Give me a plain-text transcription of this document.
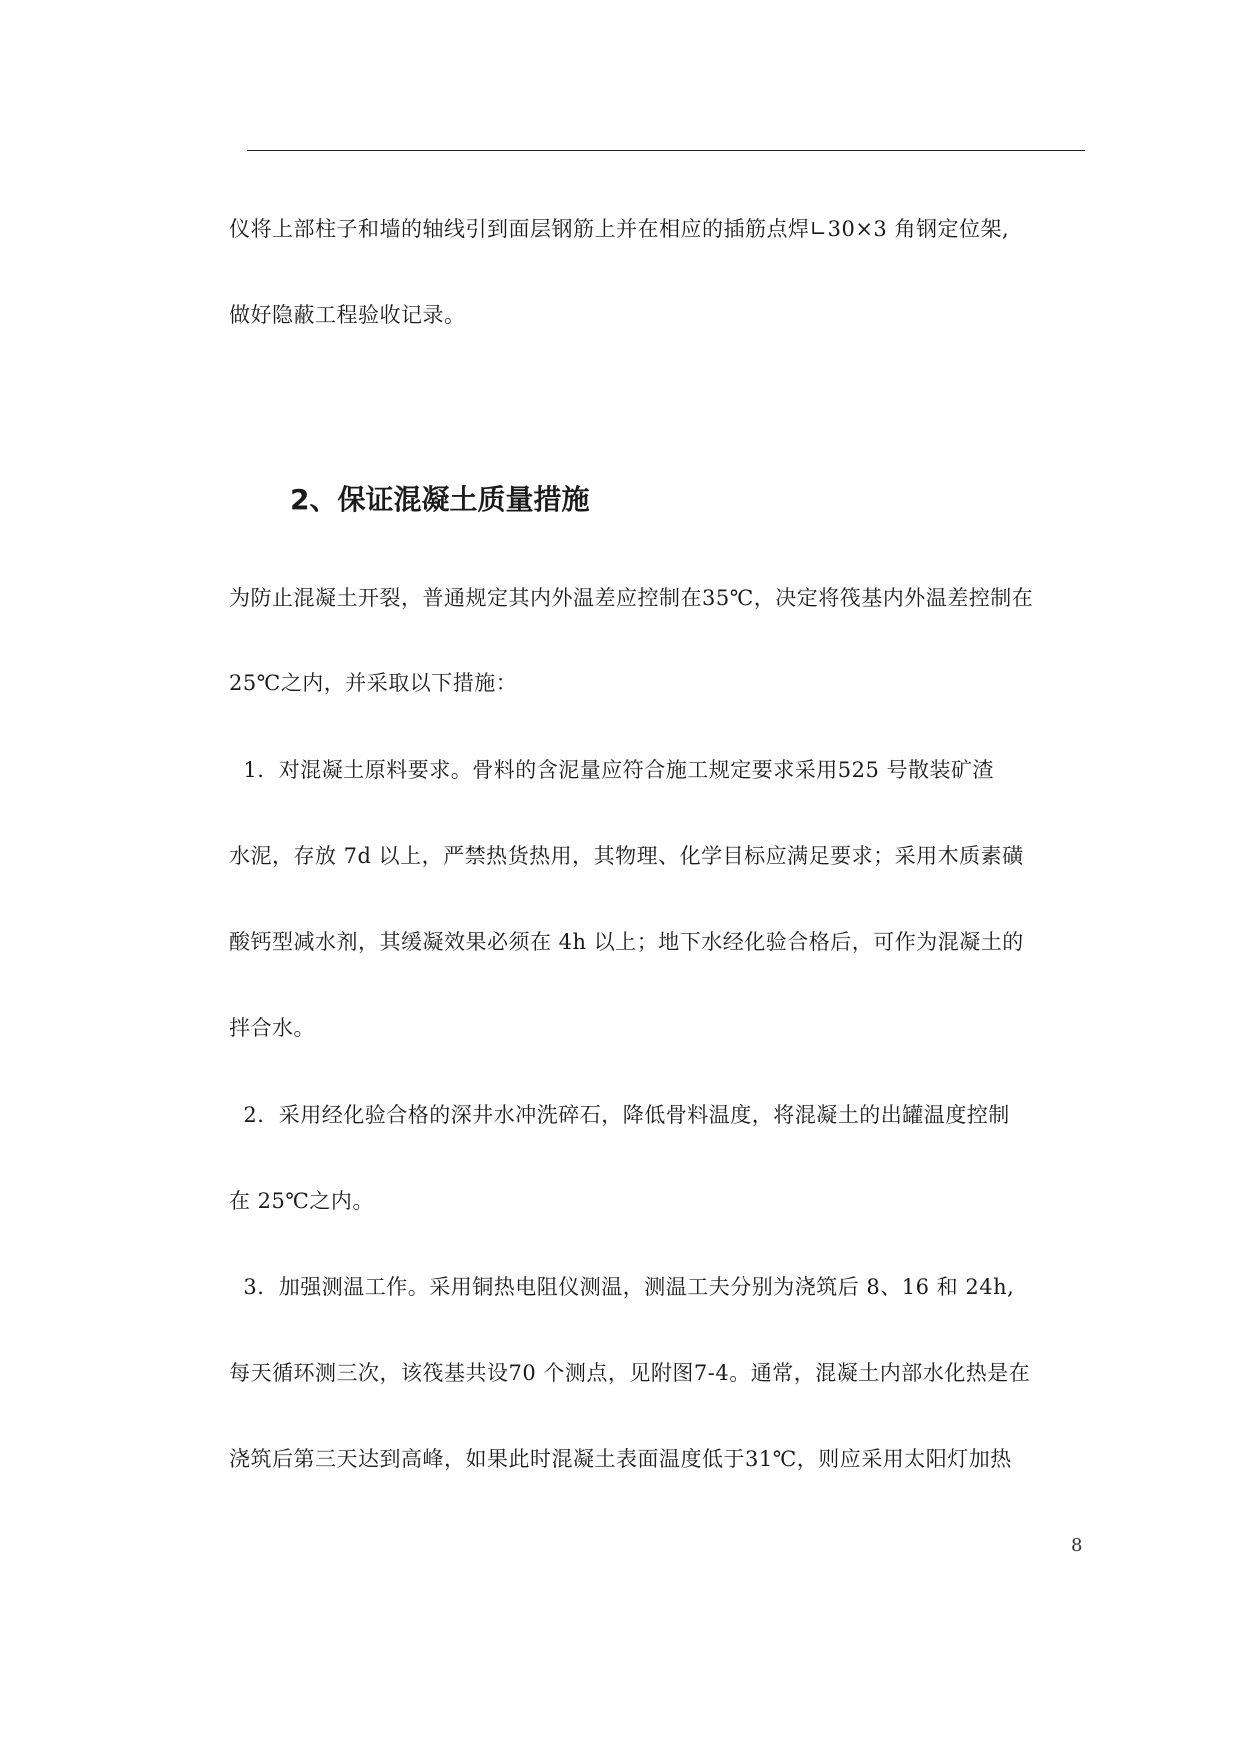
仪将上部柱子和墙的轴线引到面层钢筋上并在相应的插筋点焊∟30×3 角钢定位架,
做好隐蔽工程验收记录。
2、保证混凝土质量措施
为防止混凝土开裂，普通规定其内外温差应控制在35℃，决定将筏基内外温差控制在
25℃之内，并采取以下措施：
1.  对混凝土原料要求。骨料的含泥量应符合施工规定要求采用525 号散装矿渣
水泥，存放 7d 以上，严禁热货热用，其物理、化学目标应满足要求；采用木质素磺
酸钙型减水剂，其缓凝效果必须在 4h 以上；地下水经化验合格后，可作为混凝土的
拌合水。
2.  采用经化验合格的深井水冲洗碎石，降低骨料温度，将混凝土的出罐温度控制
在 25℃之内。
3.  加强测温工作。采用铜热电阻仪测温，测温工夫分别为浇筑后 8、16 和 24h,
每天循环测三次，该筏基共设70 个测点，见附图7-4。通常，混凝土内部水化热是在
浇筑后第三天达到高峰，如果此时混凝土表面温度低于31℃，则应采用太阳灯加热
8
